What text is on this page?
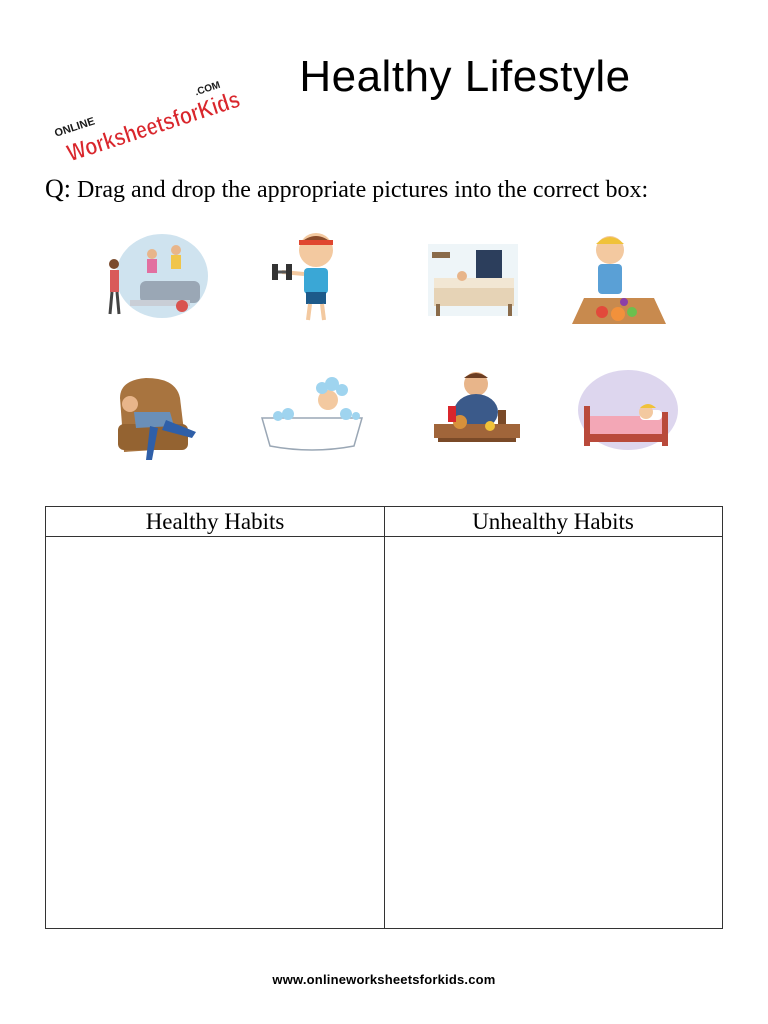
ONLINE
WorksheetsforKids
.COM	Healthy Lifestyle
Q: Drag and drop the appropriate pictures into the correct box:
Healthy Habits	Unhealthy Habits
www.onlineworksheetsforkids.com
